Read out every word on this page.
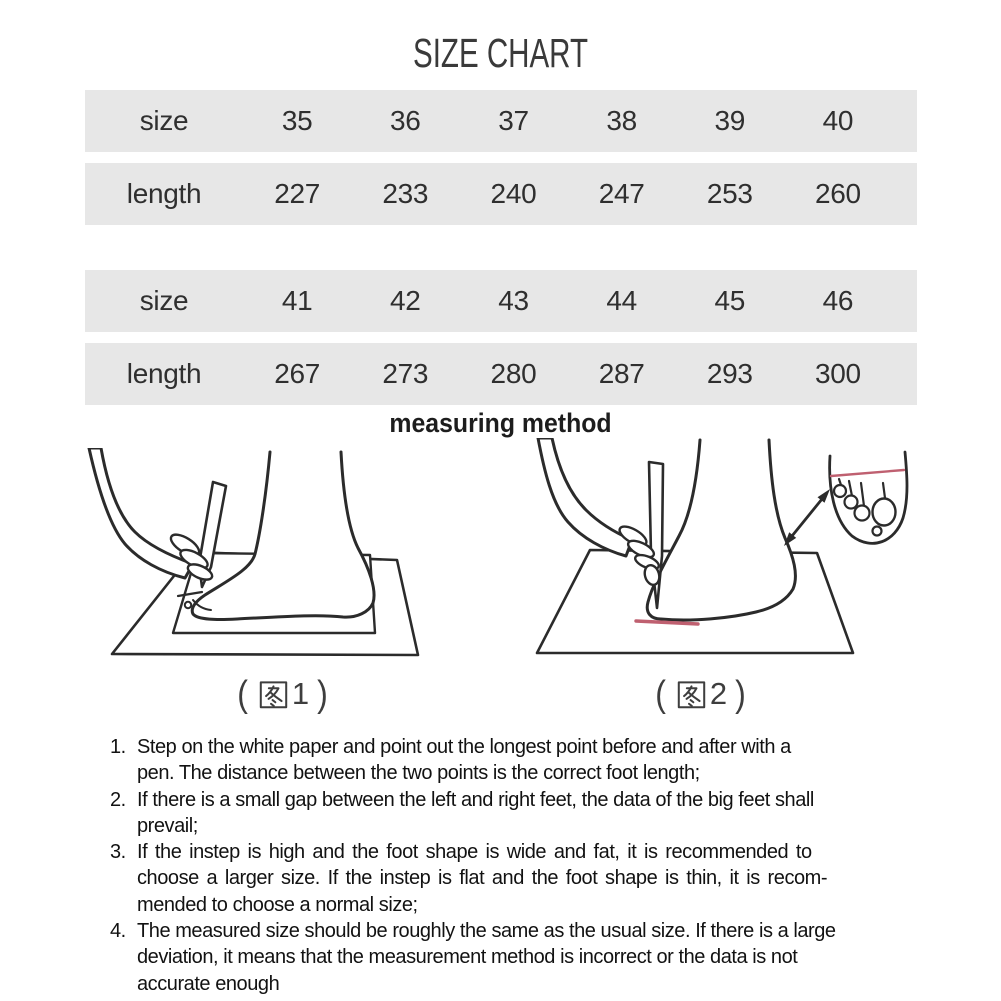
SIZE CHART
size	35	36	37	38	39	40
length	227	233	240	247	253	260
size	41	42	43	44	45	46
length	267	273	280	287	293	300
measuring method
( 1 )	( 2 )
1. Step on the white paper and point out the longest point before and after with a
pen. The distance between the two points is the correct foot length;
2. If there is a small gap between the left and right feet, the data of the big feet shall
prevail;
3. If the instep is high and the foot shape is wide and fat, it is recommended to
choose a larger size. If the instep is flat and the foot shape is thin, it is recom-
mended to choose a normal size;
4. The measured size should be roughly the same as the usual size. If there is a large
deviation, it means that the measurement method is incorrect or the data is not
accurate enough
